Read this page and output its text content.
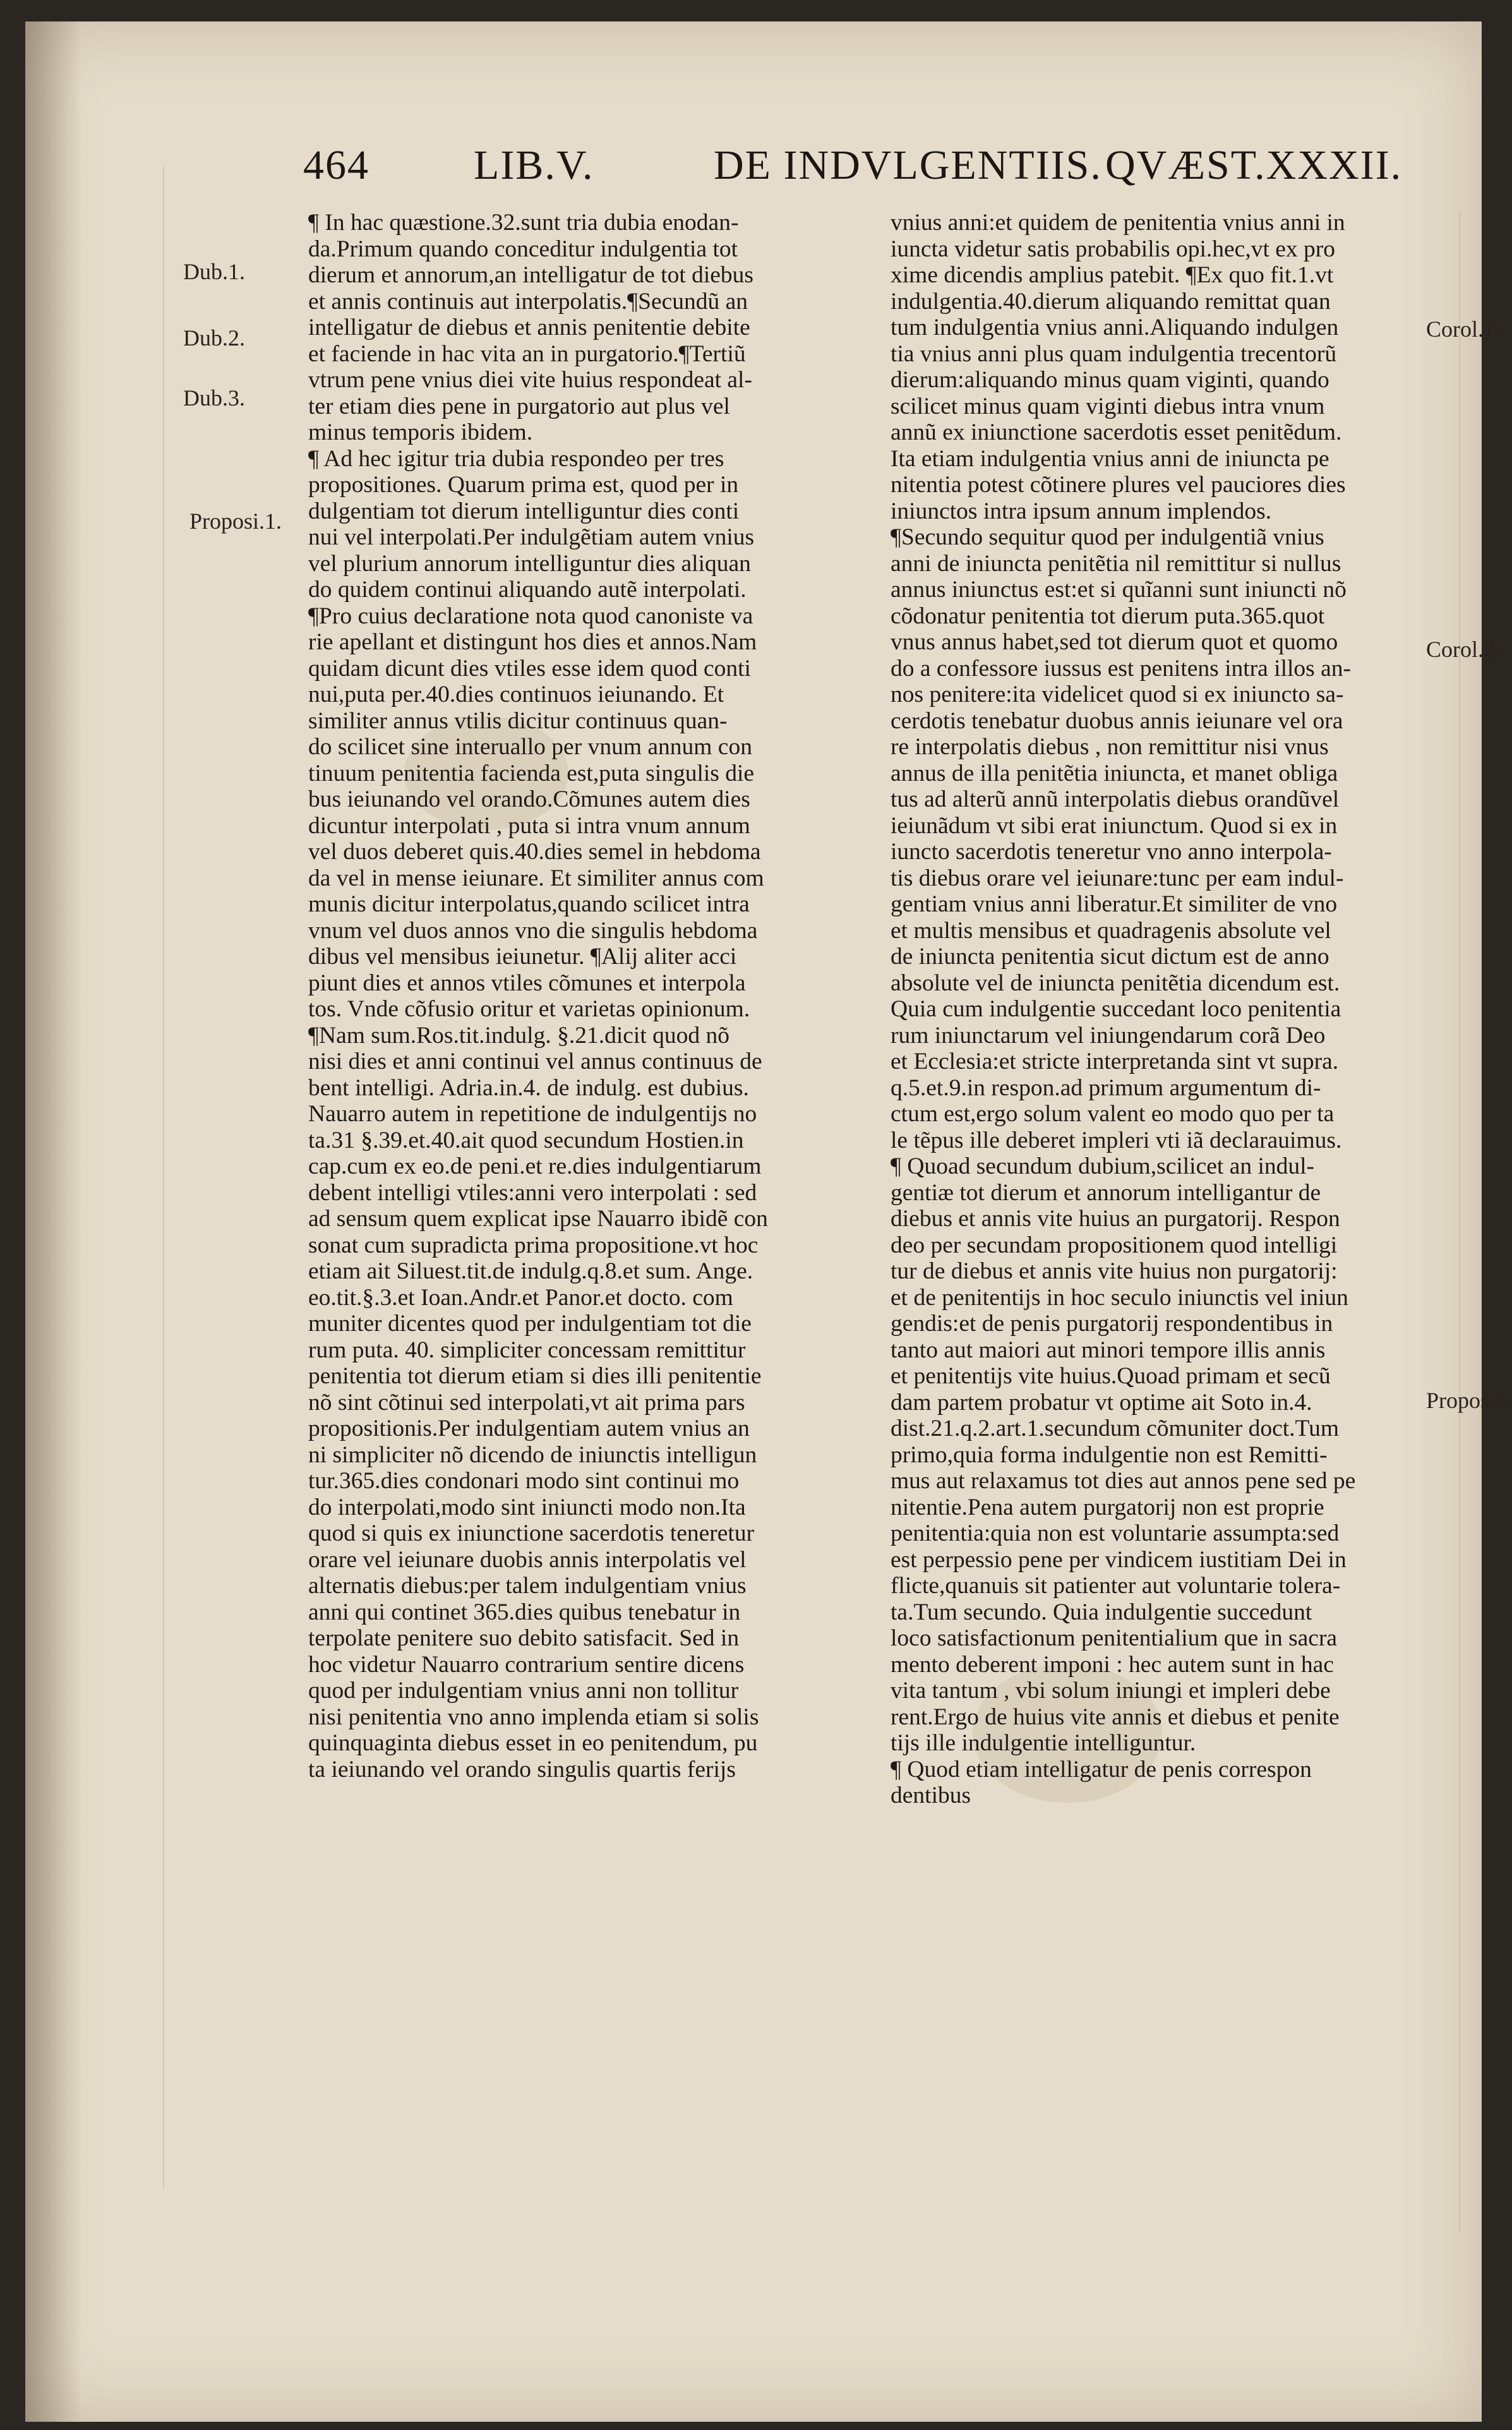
464	LIB.V.	DE INDVLGENTIIS. QVÆST.XXXII.
Dub.1.
Dub.2.
Dub.3.
Proposi.1.
Corol.1.
Corol.2.
Propos.2.
¶ In hac quæstione.32.sunt tria dubia enodan-
da.Primum quando conceditur indulgentia tot
dierum et annorum,an intelligatur de tot diebus
et annis continuis aut interpolatis.¶Secundũ an
intelligatur de diebus et annis penitentie debite
et faciende in hac vita an in purgatorio.¶Tertiũ
vtrum pene vnius diei vite huius respondeat al-
ter etiam dies pene in purgatorio aut plus vel
minus temporis ibidem.
¶ Ad hec igitur tria dubia respondeo per tres
propositiones. Quarum prima est, quod per in
dulgentiam tot dierum intelliguntur dies conti
nui vel interpolati.Per indulgẽtiam autem vnius
vel plurium annorum intelliguntur dies aliquan
do quidem continui aliquando autẽ interpolati.
¶Pro cuius declaratione nota quod canoniste va
rie apellant et distingunt hos dies et annos.Nam
quidam dicunt dies vtiles esse idem quod conti
nui,puta per.40.dies continuos ieiunando. Et
similiter annus vtilis dicitur continuus quan-
do scilicet sine interuallo per vnum annum con
tinuum penitentia facienda est,puta singulis die
bus ieiunando vel orando.Cõmunes autem dies
dicuntur interpolati , puta si intra vnum annum
vel duos deberet quis.40.dies semel in hebdoma
da vel in mense ieiunare. Et similiter annus com
munis dicitur interpolatus,quando scilicet intra
vnum vel duos annos vno die singulis hebdoma
dibus vel mensibus ieiunetur. ¶Alij aliter acci
piunt dies et annos vtiles cõmunes et interpola
tos. Vnde cõfusio oritur et varietas opinionum.
¶Nam sum.Ros.tit.indulg. §.21.dicit quod nõ
nisi dies et anni continui vel annus continuus de
bent intelligi. Adria.in.4. de indulg. est dubius.
Nauarro autem in repetitione de indulgentijs no
ta.31 §.39.et.40.ait quod secundum Hostien.in
cap.cum ex eo.de peni.et re.dies indulgentiarum
debent intelligi vtiles:anni vero interpolati : sed
ad sensum quem explicat ipse Nauarro ibidẽ con
sonat cum supradicta prima propositione.vt hoc
etiam ait Siluest.tit.de indulg.q.8.et sum. Ange.
eo.tit.§.3.et Ioan.Andr.et Panor.et docto. com
muniter dicentes quod per indulgentiam tot die
rum puta. 40. simpliciter concessam remittitur
penitentia tot dierum etiam si dies illi penitentie
nõ sint cõtinui sed interpolati,vt ait prima pars
propositionis.Per indulgentiam autem vnius an
ni simpliciter nõ dicendo de iniunctis intelligun
tur.365.dies condonari modo sint continui mo
do interpolati,modo sint iniuncti modo non.Ita
quod si quis ex iniunctione sacerdotis teneretur
orare vel ieiunare duobis annis interpolatis vel
alternatis diebus:per talem indulgentiam vnius
anni qui continet 365.dies quibus tenebatur in
terpolate penitere suo debito satisfacit. Sed in
hoc videtur Nauarro contrarium sentire dicens
quod per indulgentiam vnius anni non tollitur
nisi penitentia vno anno implenda etiam si solis
quinquaginta diebus esset in eo penitendum, pu
ta ieiunando vel orando singulis quartis ferijs
vnius anni:et quidem de penitentia vnius anni in
iuncta videtur satis probabilis opi.hec,vt ex pro
xime dicendis amplius patebit. ¶Ex quo fit.1.vt
indulgentia.40.dierum aliquando remittat quan
tum indulgentia vnius anni.Aliquando indulgen
tia vnius anni plus quam indulgentia trecentorũ
dierum:aliquando minus quam viginti, quando
scilicet minus quam viginti diebus intra vnum
annũ ex iniunctione sacerdotis esset penitẽdum.
Ita etiam indulgentia vnius anni de iniuncta pe
nitentia potest cõtinere plures vel pauciores dies
iniunctos intra ipsum annum implendos.
¶Secundo sequitur quod per indulgentiã vnius
anni de iniuncta penitẽtia nil remittitur si nullus
annus iniunctus est:et si quĩanni sunt iniuncti nõ
cõdonatur penitentia tot dierum puta.365.quot
vnus annus habet,sed tot dierum quot et quomo
do a confessore iussus est penitens intra illos an-
nos penitere:ita videlicet quod si ex iniuncto sa-
cerdotis tenebatur duobus annis ieiunare vel ora
re interpolatis diebus , non remittitur nisi vnus
annus de illa penitẽtia iniuncta, et manet obliga
tus ad alterũ annũ interpolatis diebus orandũvel
ieiunãdum vt sibi erat iniunctum. Quod si ex in
iuncto sacerdotis teneretur vno anno interpola-
tis diebus orare vel ieiunare:tunc per eam indul-
gentiam vnius anni liberatur.Et similiter de vno
et multis mensibus et quadragenis absolute vel
de iniuncta penitentia sicut dictum est de anno
absolute vel de iniuncta penitẽtia dicendum est.
Quia cum indulgentie succedant loco penitentia
rum iniunctarum vel iniungendarum corã Deo
et Ecclesia:et stricte interpretanda sint vt supra.
q.5.et.9.in respon.ad primum argumentum di-
ctum est,ergo solum valent eo modo quo per ta
le tẽpus ille deberet impleri vti iã declarauimus.
¶ Quoad secundum dubium,scilicet an indul-
gentiæ tot dierum et annorum intelligantur de
diebus et annis vite huius an purgatorij. Respon
deo per secundam propositionem quod intelligi
tur de diebus et annis vite huius non purgatorij:
et de penitentijs in hoc seculo iniunctis vel iniun
gendis:et de penis purgatorij respondentibus in
tanto aut maiori aut minori tempore illis annis
et penitentijs vite huius.Quoad primam et secũ
dam partem probatur vt optime ait Soto in.4.
dist.21.q.2.art.1.secundum cõmuniter doct.Tum
primo,quia forma indulgentie non est Remitti-
mus aut relaxamus tot dies aut annos pene sed pe
nitentie.Pena autem purgatorij non est proprie
penitentia:quia non est voluntarie assumpta:sed
est perpessio pene per vindicem iustitiam Dei in
flicte,quanuis sit patienter aut voluntarie tolera-
ta.Tum secundo. Quia indulgentie succedunt
loco satisfactionum penitentialium que in sacra
mento deberent imponi : hec autem sunt in hac
vita tantum , vbi solum iniungi et impleri debe
rent.Ergo de huius vite annis et diebus et penite
tijs ille indulgentie intelliguntur.
¶ Quod etiam intelligatur de penis correspon
dentibus
